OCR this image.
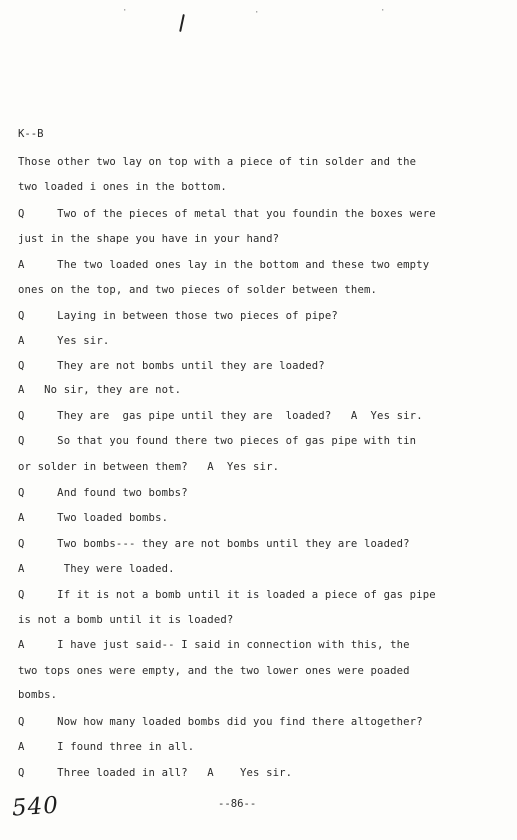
·	·	·
K--B
Those other two lay on top with a piece of tin solder and the
two loaded i ones in the bottom.
Q     Two of the pieces of metal that you foundin the boxes were
just in the shape you have in your hand?
A     The two loaded ones lay in the bottom and these two empty
ones on the top, and two pieces of solder between them.
Q     Laying in between those two pieces of pipe?
A     Yes sir.
Q     They are not bombs until they are loaded?
A   No sir, they are not.
Q     They are  gas pipe until they are  loaded?   A  Yes sir.
Q     So that you found there two pieces of gas pipe with tin
or solder in between them?   A  Yes sir.
Q     And found two bombs?
A     Two loaded bombs.
Q     Two bombs--- they are not bombs until they are loaded?
A      They were loaded.
Q     If it is not a bomb until it is loaded a piece of gas pipe
is not a bomb until it is loaded?
A     I have just said-- I said in connection with this, the
two tops ones were empty, and the two lower ones were poaded
bombs.
Q     Now how many loaded bombs did you find there altogether?
A     I found three in all.
Q     Three loaded in all?   A    Yes sir.
540	--86--
